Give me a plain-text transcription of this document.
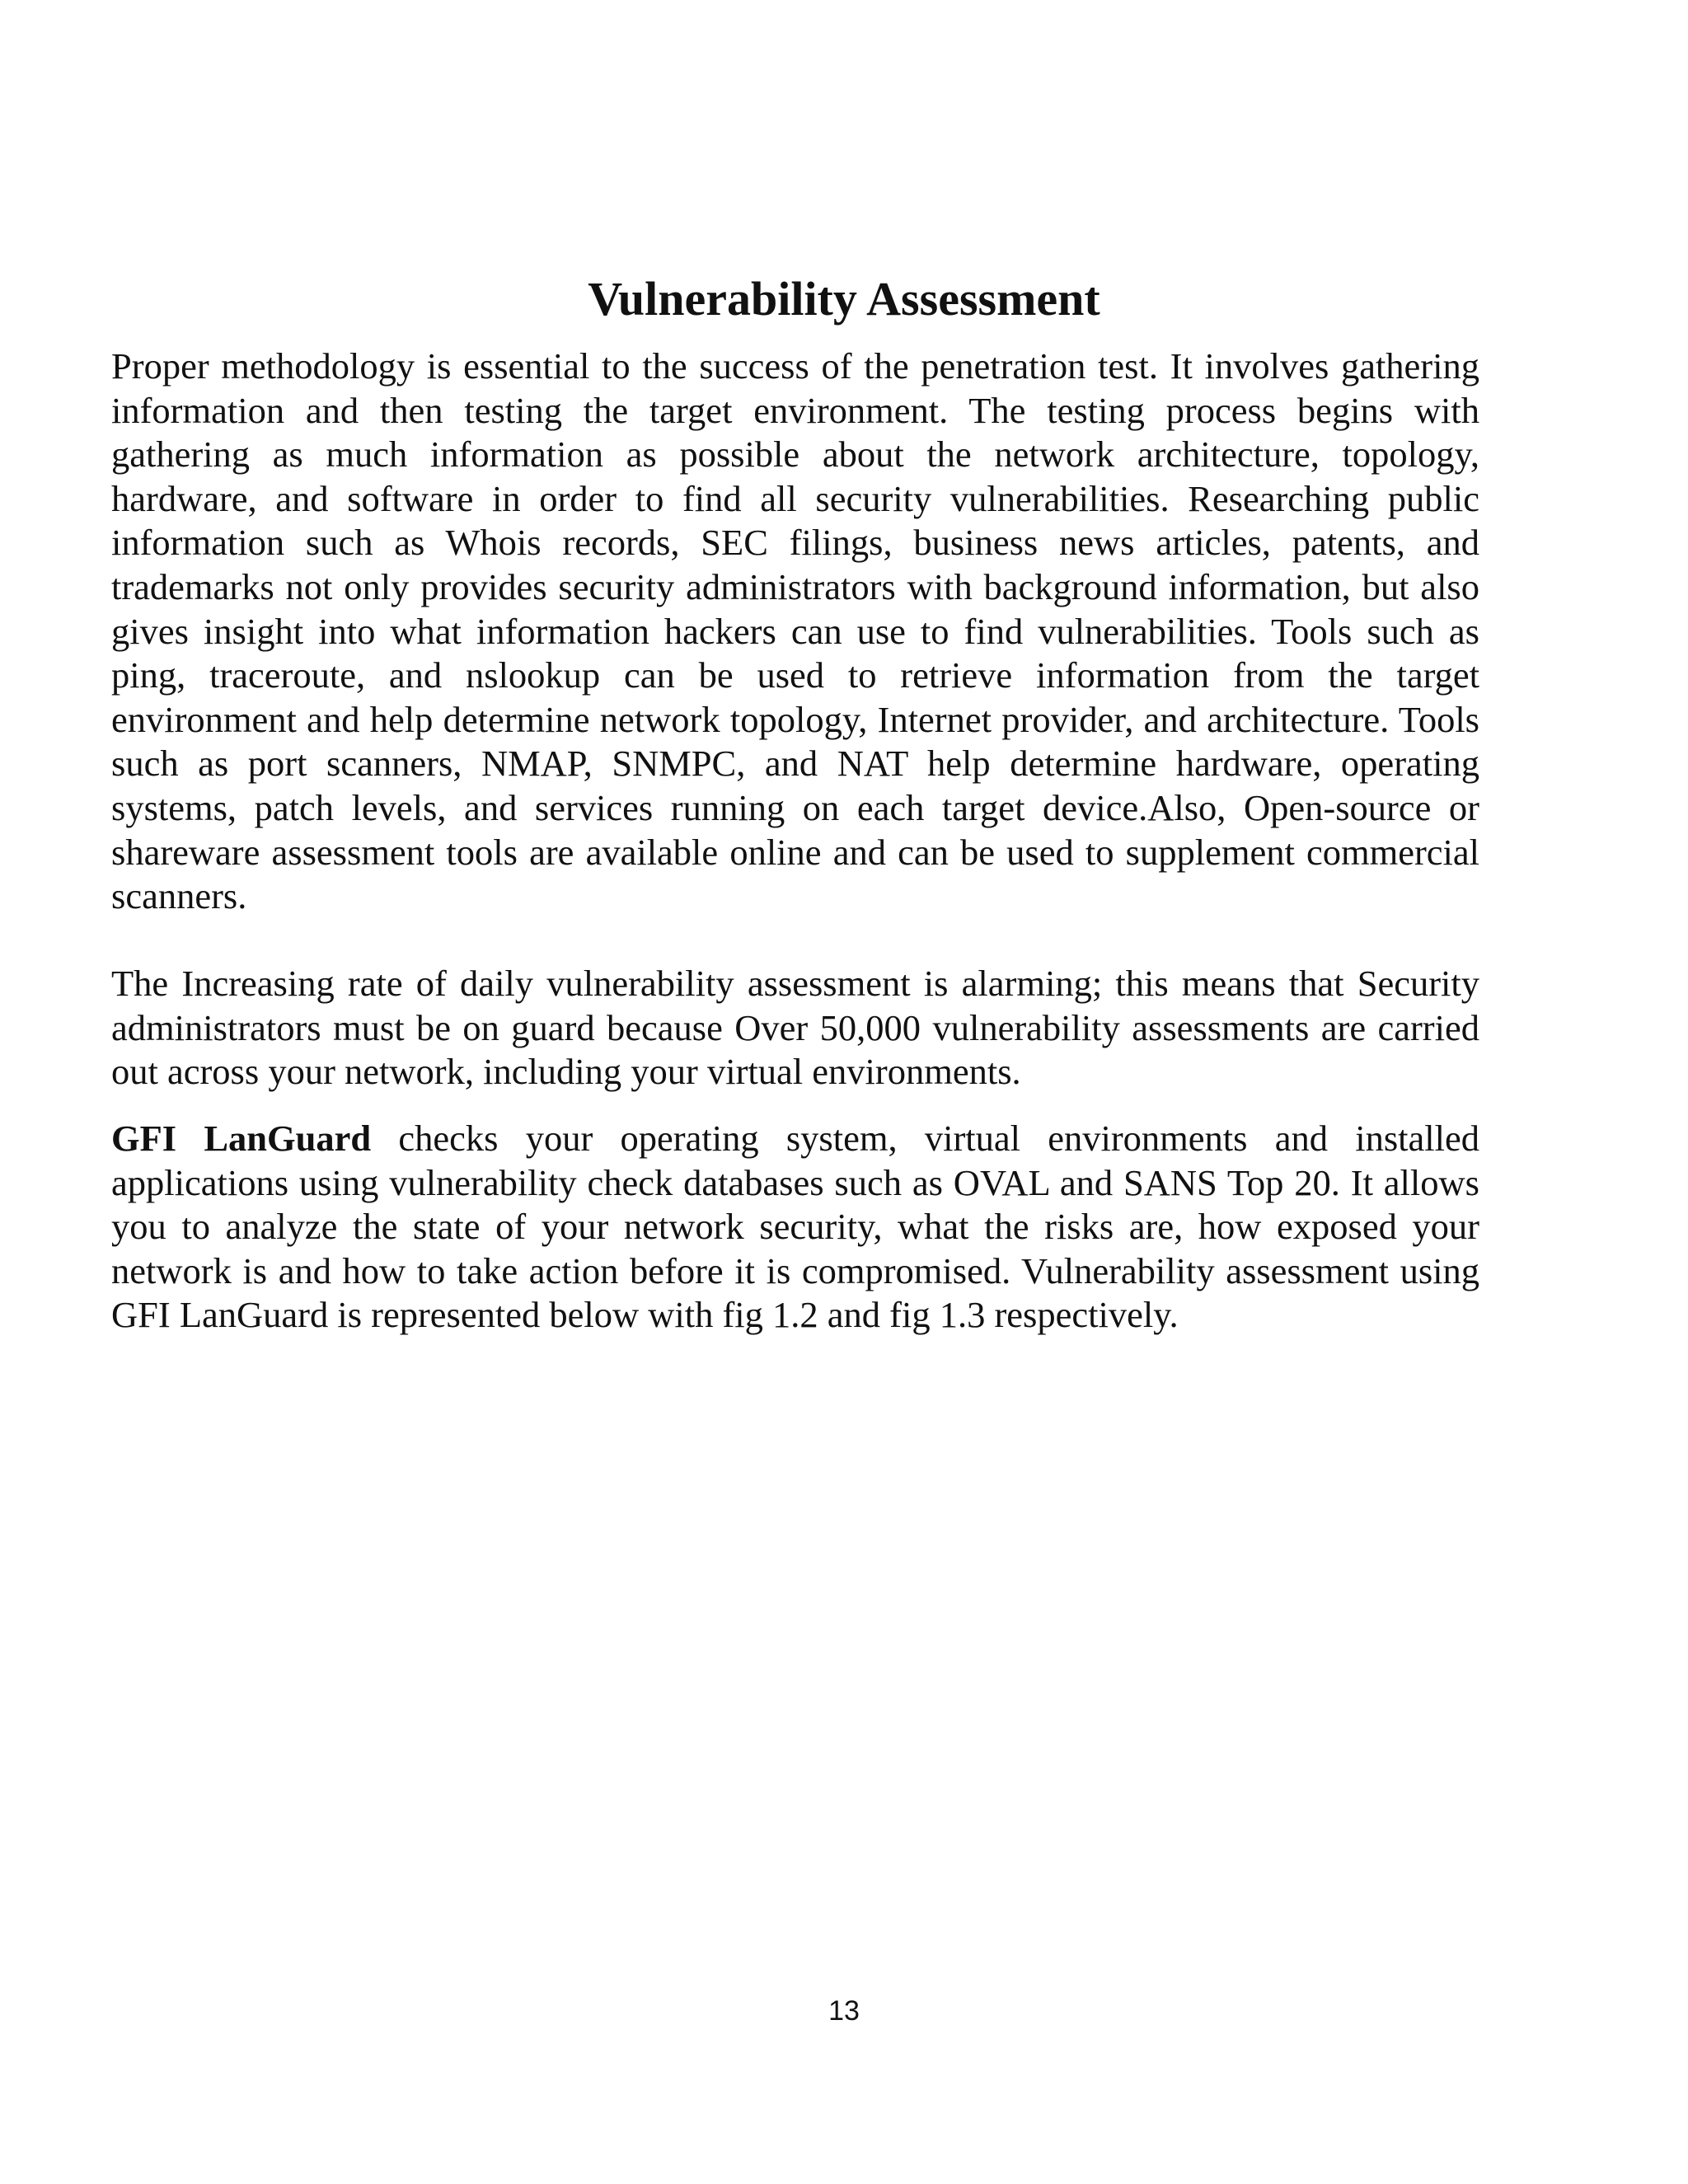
Vulnerability Assessment

Proper methodology is essential to the success of the penetration test. It involves gathering information and then testing the target environment. The testing process begins with gathering as much information as possible about the network architecture, topology, hardware, and software in order to find all security vulnerabilities. Researching public information such as Whois records, SEC filings, business news articles, patents, and trademarks not only provides security administrators with background information, but also gives insight into what information hackers can use to find vulnerabilities. Tools such as ping, traceroute, and nslookup can be used to retrieve information from the target environment and help determine network topology, Internet provider, and architecture. Tools such as port scanners, NMAP, SNMPC, and NAT help determine hardware, operating systems, patch levels, and services running on each target device.Also, Open-source or shareware assessment tools are available online and can be used to supplement commercial scanners.

The Increasing rate of daily vulnerability assessment is alarming; this means that Security administrators must be on guard because Over 50,000 vulnerability assessments are carried out across your network, including your virtual environments.

GFI LanGuard checks your operating system, virtual environments and installed applications using vulnerability check databases such as OVAL and SANS Top 20. It allows you to analyze the state of your network security, what the risks are, how exposed your network is and how to take action before it is compromised. Vulnerability assessment using GFI LanGuard is represented below with fig 1.2 and fig 1.3 respectively.

13
